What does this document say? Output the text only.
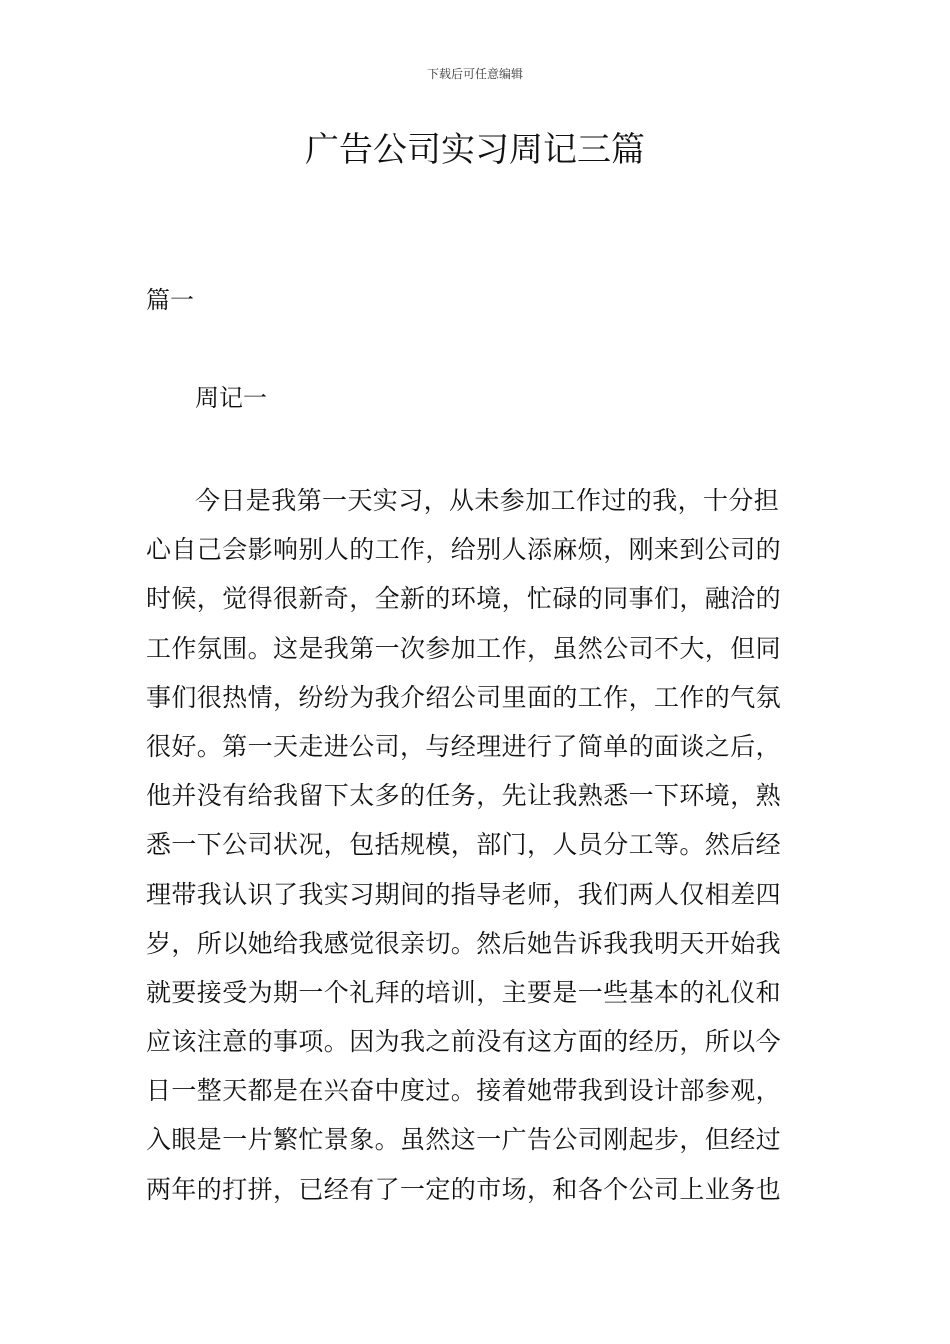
下载后可任意编辑
广告公司实习周记三篇
篇一
周记一
今日是我第一天实习，从未参加工作过的我，十分担
心自己会影响别人的工作，给别人添麻烦，刚来到公司的
时候，觉得很新奇，全新的环境，忙碌的同事们，融洽的
工作氛围。这是我第一次参加工作，虽然公司不大，但同
事们很热情，纷纷为我介绍公司里面的工作，工作的气氛
很好。第一天走进公司，与经理进行了简单的面谈之后，
他并没有给我留下太多的任务，先让我熟悉一下环境，熟
悉一下公司状况，包括规模，部门，人员分工等。然后经
理带我认识了我实习期间的指导老师，我们两人仅相差四
岁，所以她给我感觉很亲切。然后她告诉我我明天开始我
就要接受为期一个礼拜的培训，主要是一些基本的礼仪和
应该注意的事项。因为我之前没有这方面的经历，所以今
日一整天都是在兴奋中度过。接着她带我到设计部参观，
入眼是一片繁忙景象。虽然这一广告公司刚起步，但经过
两年的打拼，已经有了一定的市场，和各个公司上业务也
